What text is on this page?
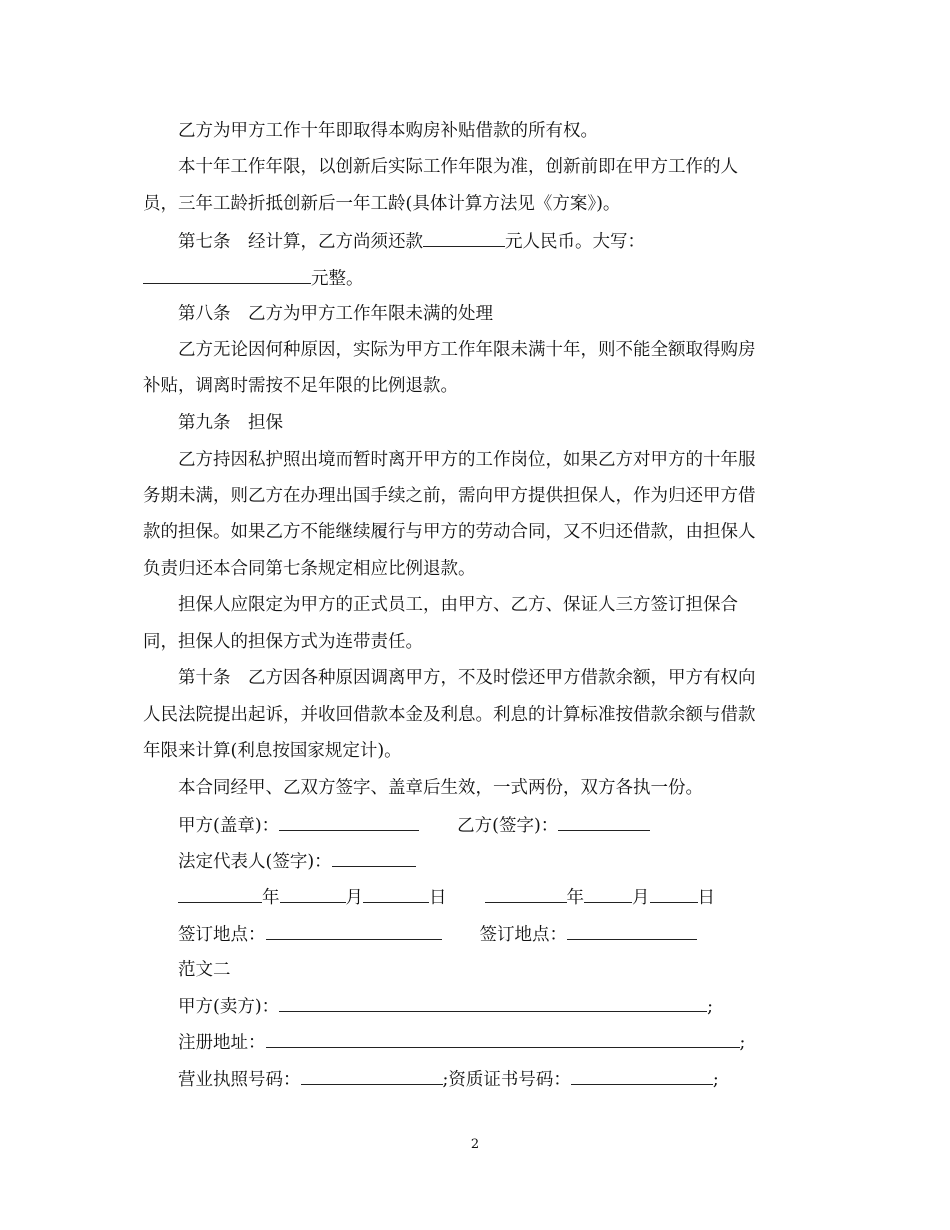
乙方为甲方工作十年即取得本购房补贴借款的所有权。
本十年工作年限，以创新后实际工作年限为准，创新前即在甲方工作的人
员，三年工龄折抵创新后一年工龄(具体计算方法见《方案》)。
第七条　经计算，乙方尚须还款	元人民币。大写：
元整。
第八条　乙方为甲方工作年限未满的处理
乙方无论因何种原因，实际为甲方工作年限未满十年，则不能全额取得购房
补贴，调离时需按不足年限的比例退款。
第九条　担保
乙方持因私护照出境而暂时离开甲方的工作岗位，如果乙方对甲方的十年服
务期未满，则乙方在办理出国手续之前，需向甲方提供担保人，作为归还甲方借
款的担保。如果乙方不能继续履行与甲方的劳动合同，又不归还借款，由担保人
负责归还本合同第七条规定相应比例退款。
担保人应限定为甲方的正式员工，由甲方、乙方、保证人三方签订担保合
同，担保人的担保方式为连带责任。
第十条　乙方因各种原因调离甲方，不及时偿还甲方借款余额，甲方有权向
人民法院提出起诉，并收回借款本金及利息。利息的计算标准按借款余额与借款
年限来计算(利息按国家规定计)。
本合同经甲、乙双方签字、盖章后生效，一式两份，双方各执一份。
甲方(盖章)：	乙方(签字)：
法定代表人(签字)：
年	月	日	年	月	日
签订地点：	签订地点：
范文二
甲方(卖方)：	;
注册地址：	;
营业执照号码：	;资质证书号码：	;
2
